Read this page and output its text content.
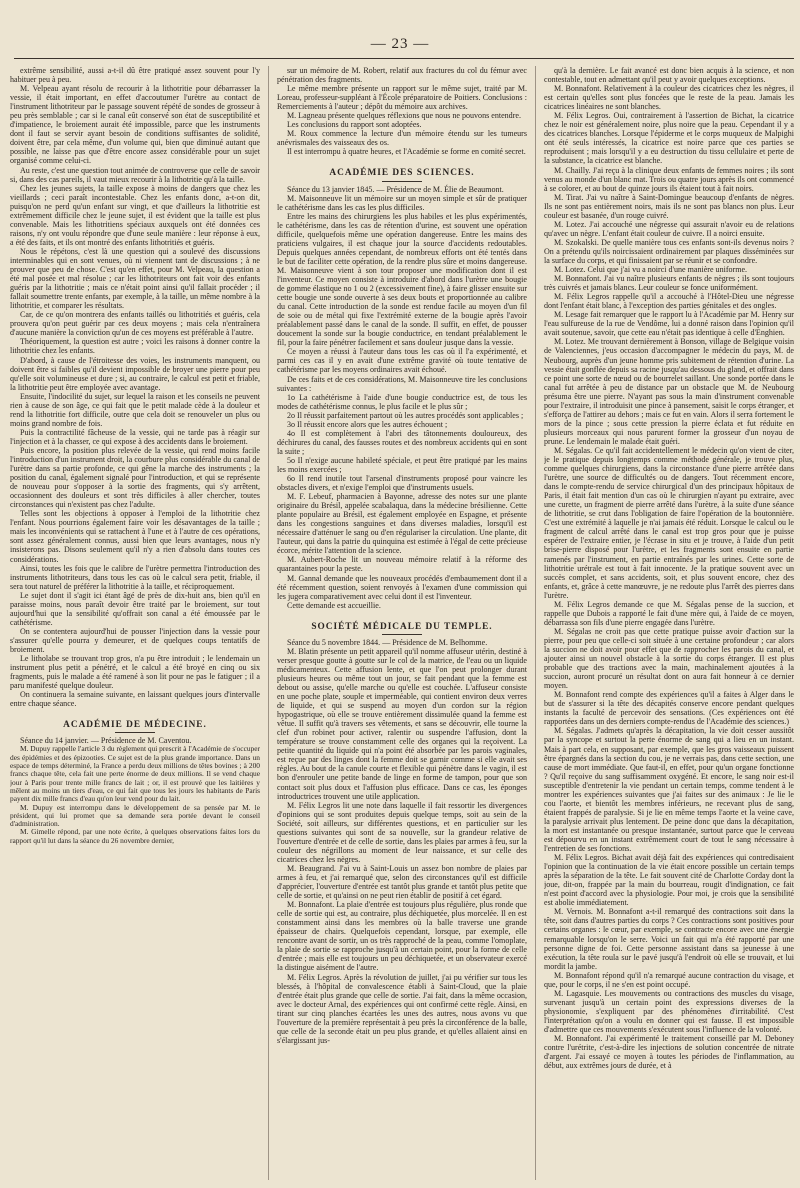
— 23 —

extrême sensibilité, aussi a-t-il dû être pratiqué assez souvent pour l'y habituer peu à peu.

M. Velpeau ayant résolu de recourir à la lithotritie pour débarrasser la vessie, il était important, en effet d'accoutumer l'urètre au contact de l'instrument lithotriteur par le passage souvent répété de sondes de grosseur à peu près semblable ; car si le canal eût conservé son état de susceptibilité et d'impatience, le broiement aurait été impossible, parce que les instruments dont il faut se servir ayant besoin de conditions suffisantes de solidité, doivent être, par cela même, d'un volume qui, bien que diminué autant que possible, ne laisse pas que d'être encore assez considérable pour un sujet organisé comme celui-ci.

Au reste, c'est une question tout animée de controverse que celle de savoir si, dans des cas pareils, il vaut mieux recourir à la lithotritie qu'à la taille.

Chez les jeunes sujets, la taille expose à moins de dangers que chez les vieillards ; ceci paraît incontestable. Chez les enfants donc, a-t-on dit, puisqu'on ne perd qu'un enfant sur vingt, et que d'ailleurs la lithotritie est extrêmement difficile chez le jeune sujet, il est évident que la taille est plus convenable. Mais les lithotritiens spéciaux auxquels ont été données ces raisons, n'y ont voulu répondre que d'une seule manière : leur réponse à eux, a été des faits, et ils ont montré des enfants lithotritiés et guéris.

Nous le répétons, c'est là une question qui a soulevé des discussions interminables qui en sont venues, où ni viennent tant de discussions ; à ne prouver que peu de chose. C'est qu'en effet, pour M. Velpeau, la question a été mal posée et mal résolue ; car les lithotriteurs ont fait voir des enfants guéris par la lithotritie ; mais ce n'était point ainsi qu'il fallait procéder ; il fallait soumettre trente enfants, par exemple, à la taille, un même nombre à la lithotritie, et comparer les résultats.

Car, de ce qu'on montrera des enfants taillés ou lithotritiés et guéris, cela prouvera qu'on peut guérir par ces deux moyens ; mais cela n'entraînera d'aucune manière la conviction qu'un de ces moyens est préférable à l'autre.

Théoriquement, la question est autre ; voici les raisons à donner contre la lithotritie chez les enfants.

D'abord, à cause de l'étroitesse des voies, les instruments manquent, ou doivent être si faibles qu'il devient impossible de broyer une pierre pour peu qu'elle soit volumineuse et dure ; si, au contraire, le calcul est petit et friable, la lithotritie peut être employée avec avantage.

Ensuite, l'indocilité du sujet, sur lequel la raison et les conseils ne peuvent rien à cause de son âge, ce qui fait que le petit malade cède à la douleur et rend la lithotritie fort difficile, outre que cela doit se renouveler un plus ou moins grand nombre de fois.

Puis la contractilité fâcheuse de la vessie, qui ne tarde pas à réagir sur l'injection et à la chasser, ce qui expose à des accidents dans le broiement.

Puis encore, la position plus relevée de la vessie, qui rend moins facile l'introduction d'un instrument droit, la courbure plus considérable du canal de l'urètre dans sa partie profonde, ce qui gêne la marche des instruments ; la position du canal, également signalé pour l'introduction, et qui se représente de nouveau pour s'opposer à la sortie des fragments, qui s'y arrêtent, occasionnent des douleurs et sont très difficiles à aller chercher, toutes circonstances qui n'existent pas chez l'adulte.

Telles sont les objections à opposer à l'emploi de la lithotritie chez l'enfant. Nous pourrions également faire voir les désavantages de la taille ; mais les inconvénients qui se rattachent à l'une et à l'autre de ces opérations, sont assez généralement connus, aussi bien que leurs avantages, nous n'y insisterons pas. Disons seulement qu'il n'y a rien d'absolu dans toutes ces considérations.

Ainsi, toutes les fois que le calibre de l'urètre permettra l'introduction des instruments lithotriteurs, dans tous les cas où le calcul sera petit, friable, il sera tout naturel de préférer la lithotritie à la taille, et réciproquement.

Le sujet dont il s'agit ici étant âgé de près de dix-huit ans, bien qu'il en paraisse moins, nous paraît devoir être traité par le broiement, sur tout aujourd'hui que la sensibilité qu'offrait son canal a été émoussée par le cathétérisme.

On se contentera aujourd'hui de pousser l'injection dans la vessie pour s'assurer qu'elle pourra y demeurer, et de quelques coups tentatifs de broiement.

Le litholabe se trouvant trop gros, n'a pu être introduit ; le lendemain un instrument plus petit a pénétré, et le calcul a été broyé en cinq ou six fragments, puis le malade a été ramené à son lit pour ne pas le fatiguer ; il a paru manifesté quelque douleur.

On continuera la semaine suivante, en laissant quelques jours d'intervalle entre chaque séance.

ACADÉMIE DE MÉDECINE.

Séance du 14 janvier. — Présidence de M. Caventou.

M. Dupuy rappelle l'article 3 du règlement qui prescrit à l'Académie de s'occuper des épidémies et des épizooties. Ce sujet est de la plus grande importance. Dans un espace de temps déterminé, la France a perdu deux millions de têtes bovines ; à 200 francs chaque tête, cela fait une perte énorme de deux millions. Il se vend chaque jour à Paris pour trente mille francs de lait ; or, il est prouvé que les laitières y mêlent au moins un tiers d'eau, ce qui fait que tous les jours les habitants de Paris payent dix mille francs d'eau qu'on leur vend pour du lait.

M. Dupuy est interrompu dans le développement de sa pensée par M. le président, qui lui promet que sa demande sera portée devant le conseil d'administration.

M. Gimelle répond, par une note écrite, à quelques observations faites lors du rapport qu'il lut dans la séance du 26 novembre dernier,

sur un mémoire de M. Robert, relatif aux fractures du col du fémur avec pénétration des fragments.

Le même membre présente un rapport sur le même sujet, traité par M. Loreau, professeur-suppléant à l'École préparatoire de Poitiers. Conclusions : Remerciements à l'auteur ; dépôt du mémoire aux archives.

M. Lagneau présente quelques réflexions que nous ne pouvons entendre.

Les conclusions du rapport sont adoptées.

M. Roux commence la lecture d'un mémoire étendu sur les tumeurs anévrismales des vaisseaux des os.

Il est interrompu à quatre heures, et l'Académie se forme en comité secret.

ACADÉMIE DES SCIENCES.

Séance du 13 janvier 1845. — Présidence de M. Élie de Beaumont.

M. Maisonneuve lit un mémoire sur un moyen simple et sûr de pratiquer le cathétérisme dans les cas les plus difficiles.

Entre les mains des chirurgiens les plus habiles et les plus expérimentés, le cathétérisme, dans les cas de rétention d'urine, est souvent une opération difficile, quelquefois même une opération dangereuse. Entre les mains des praticiens vulgaires, il est chaque jour la source d'accidents redoutables. Depuis quelques années cependant, de nombreux efforts ont été tentés dans le but de faciliter cette opération, de la rendre plus sûre et moins dangereuse. M. Maisonneuve vient à son tour proposer une modification dont il est l'inventeur. Ce moyen consiste à introduire d'abord dans l'urètre une bougie de gomme élastique no 1 ou 2 (excessivement fine), à faire glisser ensuite sur cette bougie une sonde ouverte à ses deux bouts et proportionnée au calibre du canal. Cette introduction de la sonde est rendue facile au moyen d'un fil de soie ou de métal qui fixe l'extrémité externe de la bougie après l'avoir préalablement passé dans le canal de la sonde. Il suffit, en effet, de pousser doucement la sonde sur la bougie conductrice, en tendant préalablement le fil, pour la faire pénétrer facilement et sans douleur jusque dans la vessie.

Ce moyen a réussi à l'auteur dans tous les cas où il l'a expérimenté, et parmi ces cas il y en avait d'une extrême gravité où toute tentative de cathétérisme par les moyens ordinaires avait échoué.

De ces faits et de ces considérations, M. Maisonneuve tire les conclusions suivantes :

1o La cathétérisme à l'aide d'une bougie conductrice est, de tous les modes de cathétérisme connus, le plus facile et le plus sûr ;

2o Il réussit parfaitement partout où les autres procédés sont applicables ;

3o Il réussit encore alors que les autres échouent ;

4o Il est complètement à l'abri des tâtonnements douloureux, des déchirures du canal, des fausses routes et des nombreux accidents qui en sont la suite ;

5o Il n'exige aucune habileté spéciale, et peut être pratiqué par les mains les moins exercées ;

6o Il rend inutile tout l'arsenal d'instruments proposé pour vaincre les obstacles divers, et n'exige l'emploi que d'instruments usuels.

M. F. Lebeuf, pharmacien à Bayonne, adresse des notes sur une plante originaire du Brésil, appelée scabalaqua, dans la médecine brésilienne. Cette plante populaire au Brésil, est également employée en Espagne, et présente dans les congestions sanguines et dans diverses maladies, lorsqu'il est nécessaire d'atténuer le sang ou d'en régulariser la circulation. Une plante, dit l'auteur, qui dans la patrie du quinquina est estimée à l'égal de cette précieuse écorce, mérite l'attention de la science.

M. Aubert-Roche lit un nouveau mémoire relatif à la réforme des quarantaines pour la peste.

M. Gannal demande que les nouveaux procédés d'embaumement dont il a été récemment question, soient renvoyés à l'examen d'une commission qui les jugera comparativement avec celui dont il est l'inventeur.

Cette demande est accueillie.

SOCIÉTÉ MÉDICALE DU TEMPLE.

Séance du 5 novembre 1844. — Présidence de M. Belhomme.

M. Blatin présente un petit appareil qu'il nomme affuseur utérin, destiné à verser presque goutte à goutte sur le col de la matrice, de l'eau ou un liquide médicamenteux. Cette affusion lente, et que l'on peut prolonger durant plusieurs heures ou même tout un jour, se fait pendant que la femme est debout ou assise, qu'elle marche ou qu'elle est couchée. L'affuseur consiste en une poche plate, souple et imperméable, qui contient environ deux verres de liquide, et qui se suspend au moyen d'un cordon sur la région hypogastrique, où elle se trouve entièrement dissimulée quand la femme est vêtue. Il suffit qu'à travers ses vêtements, et sans se découvrir, elle tourne la clef d'un robinet pour activer, ralentir ou suspendre l'affusion, dont la température se trouve constamment celle des organes qui la reçoivent. La petite quantité du liquide qui n'a point été absorbée par les parois vaginales, est reçue par des linges dont la femme doit se garnir comme si elle avait ses règles. Au bout de la canule courte et flexible qui pénètre dans le vagin, il est bon d'enrouler une petite bande de linge en forme de tampon, pour que son contact soit plus doux et l'affusion plus efficace. Dans ce cas, les éponges introductrices trouvent une utile application.

M. Félix Legros lit une note dans laquelle il fait ressortir les divergences d'opinions qui se sont produites depuis quelque temps, soit au sein de la Société, soit ailleurs, sur différentes questions, et en particulier sur les questions suivantes qui sont de sa nouvelle, sur la grandeur relative de l'ouverture d'entrée et de celle de sortie, dans les plaies par armes à feu, sur la couleur des négrillons au moment de leur naissance, et sur celle des cicatrices chez les nègres.

M. Beaugrand. J'ai vu à Saint-Louis un assez bon nombre de plaies par armes à feu, et j'ai remarqué que, selon des circonstances qu'il est difficile d'apprécier, l'ouverture d'entrée est tantôt plus grande et tantôt plus petite que celle de sortie, et qu'ainsi on ne peut rien établir de positif à cet égard.

M. Bonnafont. La plaie d'entrée est toujours plus régulière, plus ronde que celle de sortie qui est, au contraire, plus déchiquetée, plus morcelée. Il en est constamment ainsi dans les membres où la balle traverse une grande épaisseur de chairs. Quelquefois cependant, lorsque, par exemple, elle rencontre avant de sortir, un os très rapproché de la peau, comme l'omoplate, la plaie de sortie se rapproche jusqu'à un certain point, pour la forme de celle d'entrée ; mais elle est toujours un peu déchiquetée, et un observateur exercé la distingue aisément de l'autre.

M. Félix Legros. Après la révolution de juillet, j'ai pu vérifier sur tous les blessés, à l'hôpital de convalescence établi à Saint-Cloud, que la plaie d'entrée était plus grande que celle de sortie. J'ai fait, dans la même occasion, avec le docteur Arnal, des expériences qui ont confirmé cette règle. Ainsi, en tirant sur cinq planches écartées les unes des autres, nous avons vu que l'ouverture de la première représentait à peu près la circonférence de la balle, que celle de la seconde était un peu plus grande, et qu'elles allaient ainsi en s'élargissant jus-

qu'à la dernière. Le fait avancé est donc bien acquis à la science, et non contestable, tout en admettant qu'il peut y avoir quelques exceptions.

M. Bonnafont. Relativement à la couleur des cicatrices chez les nègres, il est certain qu'elles sont plus foncées que le reste de la peau. Jamais les cicatrices linéaires ne sont blanches.

M. Félix Legros. Oui, contrairement à l'assertion de Bichat, la cicatrice chez le noir est généralement noire, plus noire que la peau. Cependant il y a des cicatrices blanches. Lorsque l'épiderme et le corps muqueux de Malpighi ont été seuls intéressés, la cicatrice est noire parce que ces parties se reproduisent ; mais lorsqu'il y a eu destruction du tissu cellulaire et perte de la substance, la cicatrice est blanche.

M. Chailly. J'ai reçu à la clinique deux enfants de femmes noires ; ils sont venus au monde d'un blanc mat. Trois ou quatre jours après ils ont commencé à se colorer, et au bout de quinze jours ils étaient tout à fait noirs.

M. Tirat. J'ai vu naître à Saint-Domingue beaucoup d'enfants de nègres. Ils ne sont pas entièrement noirs, mais ils ne sont pas blancs non plus. Leur couleur est basanée, d'un rouge cuivré.

M. Lotez. J'ai accouché une négresse qui assurait n'avoir eu de relations qu'avec un nègre. L'enfant était couleur de cuivre. Il a noirci ensuite.

M. Szokalski. De quelle manière tous ces enfants sont-ils devenus noirs ? On a prétendu qu'ils noircissaient ordinairement par plaques disséminées sur la surface du corps, et qui finissaient par se réunir et se confondre.

M. Lotez. Celui que j'ai vu a noirci d'une manière uniforme.

M. Bonnafont. J'ai vu naître plusieurs enfants de nègres ; ils sont toujours très cuivrés et jamais blancs. Leur couleur se fonce uniformément.

M. Félix Legros rappelle qu'il a accouché à l'Hôtel-Dieu une négresse dont l'enfant était blanc, à l'exception des parties génitales et des ongles.

M. Lesage fait remarquer que le rapport lu à l'Académie par M. Henry sur l'eau sulfureuse de la rue de Vendôme, lui a donné raison dans l'opinion qu'il avait soutenue, savoir, que cette eau n'était pas identique à celle d'Enghien.

M. Lotez. Me trouvant dernièrement à Bonson, village de Belgique voisin de Valenciennes, j'eus occasion d'accompagner le médecin du pays, M. de Neubourg, auprès d'un jeune homme pris subitement de rétention d'urine. La vessie était gonflée depuis sa racine jusqu'au dessous du gland, et offrait dans ce point une sorte de nœud ou de bourrelet saillant. Une sonde portée dans le canal fut arrêtée à peu de distance par un obstacle que M. de Neubourg présuma être une pierre. N'ayant pas sous la main d'instrument convenable pour l'extraire, il introduisit une pince à pansement, saisit le corps étranger, et s'efforça de l'attirer au dehors ; mais ce fut en vain. Alors il serra fortement le mors de la pince ; sous cette pression la pierre éclata et fut réduite en plusieurs morceaux qui nous parurent former la grosseur d'un noyau de prune. Le lendemain le malade était guéri.

M. Ségalas. Ce qu'il fait accidentellement le médecin qu'on vient de citer, je le pratique depuis longtemps comme méthode générale, je trouve plus, comme quelques chirurgiens, dans la circonstance d'une pierre arrêtée dans l'urètre, une source de difficultés ou de dangers. Tout récemment encore, dans le compte-rendu de service chirurgical d'un des principaux hôpitaux de Paris, il était fait mention d'un cas où le chirurgien n'ayant pu extraire, avec une curette, un fragment de pierre arrêté dans l'urètre, à la suite d'une séance de lithotritie, se crut dans l'obligation de faire l'opération de la boutonnière. C'est une extrémité à laquelle je n'ai jamais été réduit. Lorsque le calcul ou le fragment de calcul arrêté dans le canal est trop gros pour que je puisse espérer de l'extraire entier, je l'écrase in situ et je trouve, à l'aide d'un petit brise-pierre disposé pour l'urètre, et les fragments sont ensuite en partie ramenés par l'instrument, en partie entraînés par les urines. Cette sorte de lithotritie urétrale est tout à fait innocente. Je la pratique souvent avec un succès complet, et sans accidents, soit, et plus souvent encore, chez des enfants, et, grâce à cette manœuvre, je ne redoute plus l'arrêt des pierres dans l'urètre.

M. Félix Legros demande ce que M. Ségalas pense de la succion, et rappelle que Dubois a rapporté le fait d'une mère qui, à l'aide de ce moyen, débarrassa son fils d'une pierre engagée dans l'urètre.

M. Ségalas ne croit pas que cette pratique puisse avoir d'action sur la pierre, pour peu que celle-ci soit située à une certaine profondeur ; car alors la succion ne doit avoir pour effet que de rapprocher les parois du canal, et ajouter ainsi un nouvel obstacle à la sortie du corps étranger. Il est plus probable que des tractions avec la main, machinalement ajoutées à la succion, auront procuré un résultat dont on aura fait honneur à ce dernier moyen.

M. Bonnafont rend compte des expériences qu'il a faites à Alger dans le but de s'assurer si la tête des décapités conserve encore pendant quelques instants la faculté de percevoir des sensations. (Ces expériences ont été rapportées dans un des derniers compte-rendus de l'Académie des sciences.)

M. Ségalas. J'admets qu'après la décapitation, la vie doit cesser aussitôt par la syncope et surtout la perte énorme de sang qui a lieu en un instant. Mais à part cela, en supposant, par exemple, que les gros vaisseaux puissent être épargnés dans la section du cou, je ne verrais pas, dans cette section, une cause de mort immédiate. Que faut-il, en effet, pour qu'un organe fonctionne ? Qu'il reçoive du sang suffisamment oxygéné. Et encore, le sang noir est-il susceptible d'entretenir la vie pendant un certain temps, comme tendent à le montrer les expériences suivantes que j'ai faites sur des animaux : Je lie le cou l'aorte, et bientôt les membres inférieurs, ne recevant plus de sang, étaient frappés de paralysie. Si je lie en même temps l'aorte et la veine cave, la paralysie arrivait plus lentement. De peine donc que dans la décapitation, la mort est instantanée ou presque instantanée, surtout parce que le cerveau est dépourvu en un instant extrêmement court de tout le sang nécessaire à l'entretien de ses fonctions.

M. Félix Legros. Bichat avait déjà fait des expériences qui contredisaient l'opinion que la continuation de la vie était encore possible un certain temps après la séparation de la tête. Le fait souvent cité de Charlotte Corday dont la joue, dit-on, frappée par la main du bourreau, rougit d'indignation, ce fait n'est point d'accord avec la physiologie. Pour moi, je crois que la sensibilité est abolie immédiatement.

M. Vernois. M. Bonnafont a-t-il remarqué des contractions soit dans la tête, soit dans d'autres parties du corps ? Ces contractions sont positives pour certains organes : le cœur, par exemple, se contracte encore avec une énergie remarquable lorsqu'on le serre. Voici un fait qui m'a été rapporté par une personne digne de foi. Cette personne assistant dans sa jeunesse à une exécution, la tête roula sur le pavé jusqu'à l'endroit où elle se trouvait, et lui mordit la jambe.

M. Bonnafont répond qu'il n'a remarqué aucune contraction du visage, et que, pour le corps, il ne s'en est point occupé.

M. Lagasquie. Les mouvements ou contractions des muscles du visage, survenant jusqu'à un certain point des expressions diverses de la physionomie, s'expliquent par des phénomènes d'irritabilité. C'est l'interprétation qu'on a voulu en donner qui est fausse. Il est impossible d'admettre que ces mouvements s'exécutent sous l'influence de la volonté.

M. Bonnafont. J'ai expérimenté le traitement conseillé par M. Deboney contre l'urétrite, c'est-à-dire les injections de solution concentrée de nitrate d'argent. J'ai essayé ce moyen à toutes les périodes de l'inflammation, au début, aux extrêmes jours de durée, et à
